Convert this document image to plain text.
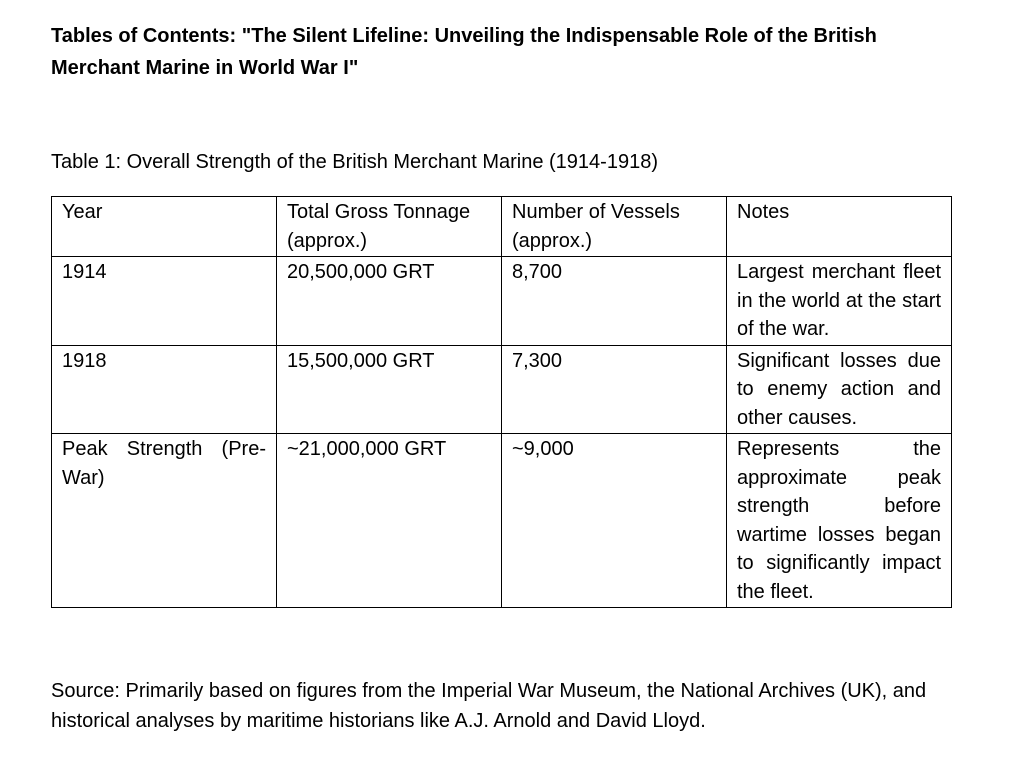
Tables of Contents: "The Silent Lifeline: Unveiling the Indispensable Role of the British Merchant Marine in World War I"
Table 1: Overall Strength of the British Merchant Marine (1914-1918)
Year	Total Gross Tonnage (approx.)	Number of Vessels (approx.)	Notes
1914	20,500,000 GRT	8,700	Largest merchant fleet in the world at the start of the war.
1918	15,500,000 GRT	7,300	Significant losses due to enemy action and other causes.
Peak Strength (Pre-War)	~21,000,000 GRT	~9,000	Represents the approximate peak strength before wartime losses began to significantly impact the fleet.
Source: Primarily based on figures from the Imperial War Museum, the National Archives (UK), and historical analyses by maritime historians like A.J. Arnold and David Lloyd.
